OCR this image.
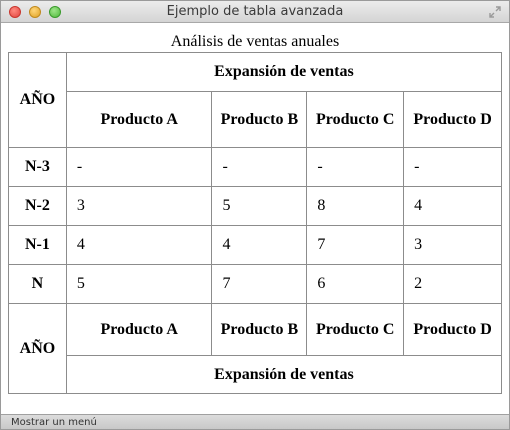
Ejemplo de tabla avanzada
Análisis de ventas anuales
AÑO	Expansión de ventas			
	Producto A	Producto B	Producto C	Producto D
N-3	-	-	-	-
N-2	3	5	8	4
N-1	4	4	7	3
N	5	7	6	2
AÑO	Producto A	Producto B	Producto C	Producto D
	Expansión de ventas			
Mostrar un menú
